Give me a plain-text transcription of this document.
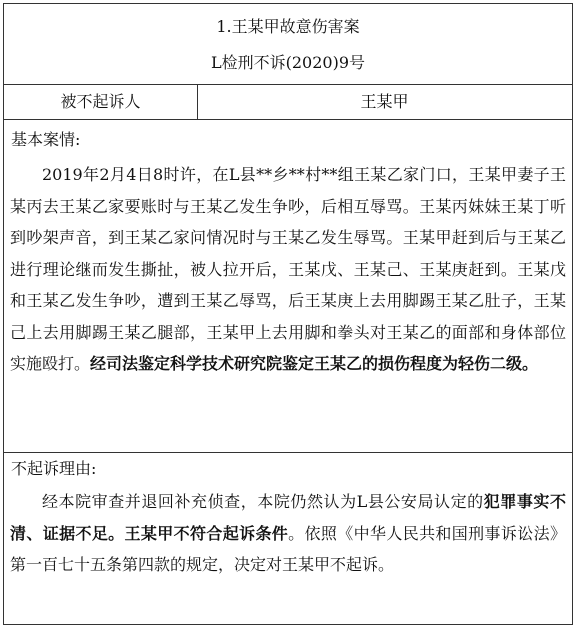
1.王某甲故意伤害案
L检刑不诉(2020)9号
被不起诉人	王某甲
基本案情:

2019年2月4日8时许，在L县**乡**村**组王某乙家门口，王某甲妻子王某丙去王某乙家要账时与王某乙发生争吵，后相互辱骂。王某丙妹妹王某丁听到吵架声音，到王某乙家问情况时与王某乙发生辱骂。王某甲赶到后与王某乙进行理论继而发生撕扯，被人拉开后，王某戊、王某己、王某庚赶到。王某戊和王某乙发生争吵，遭到王某乙辱骂，后王某庚上去用脚踢王某乙肚子，王某己上去用脚踢王某乙腿部，王某甲上去用脚和拳头对王某乙的面部和身体部位实施殴打。经司法鉴定科学技术研究院鉴定王某乙的损伤程度为轻伤二级。

不起诉理由:

经本院审查并退回补充侦查，本院仍然认为L县公安局认定的犯罪事实不清、证据不足。王某甲不符合起诉条件。依照《中华人民共和国刑事诉讼法》第一百七十五条第四款的规定，决定对王某甲不起诉。
